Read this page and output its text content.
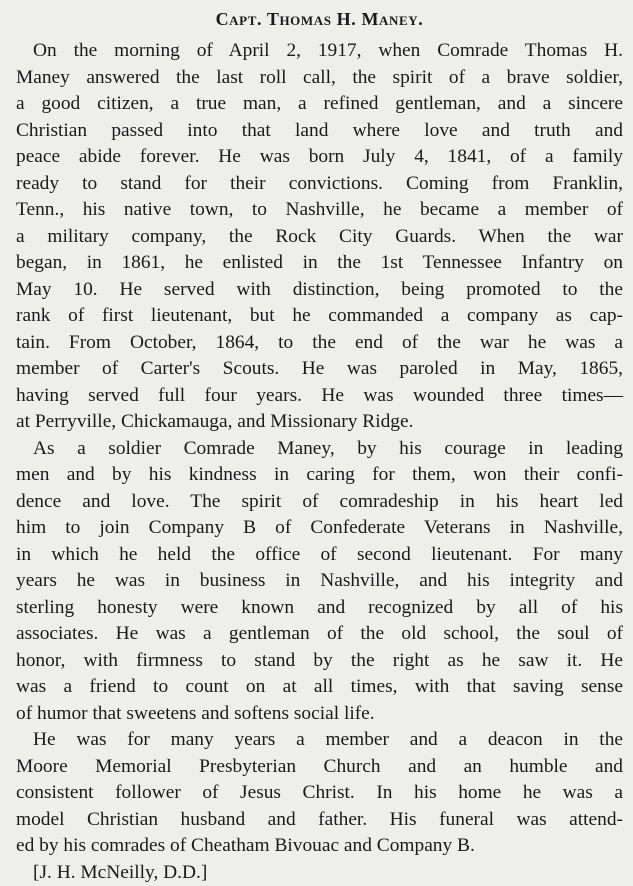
Capt. Thomas H. Maney.

On the morning of April 2, 1917, when Comrade Thomas H.
Maney answered the last roll call, the spirit of a brave soldier,
a good citizen, a true man, a refined gentleman, and a sincere
Christian passed into that land where love and truth and
peace abide forever. He was born July 4, 1841, of a family
ready to stand for their convictions. Coming from Franklin,
Tenn., his native town, to Nashville, he became a member of
a military company, the Rock City Guards. When the war
began, in 1861, he enlisted in the 1st Tennessee Infantry on
May 10. He served with distinction, being promoted to the
rank of first lieutenant, but he commanded a company as cap-
tain. From October, 1864, to the end of the war he was a
member of Carter's Scouts. He was paroled in May, 1865,
having served full four years. He was wounded three times—
at Perryville, Chickamauga, and Missionary Ridge.

As a soldier Comrade Maney, by his courage in leading
men and by his kindness in caring for them, won their confi-
dence and love. The spirit of comradeship in his heart led
him to join Company B of Confederate Veterans in Nashville,
in which he held the office of second lieutenant. For many
years he was in business in Nashville, and his integrity and
sterling honesty were known and recognized by all of his
associates. He was a gentleman of the old school, the soul of
honor, with firmness to stand by the right as he saw it. He
was a friend to count on at all times, with that saving sense
of humor that sweetens and softens social life.

He was for many years a member and a deacon in the
Moore Memorial Presbyterian Church and an humble and
consistent follower of Jesus Christ. In his home he was a
model Christian husband and father. His funeral was attend-
ed by his comrades of Cheatham Bivouac and Company B.

[J. H. McNeilly, D.D.]
